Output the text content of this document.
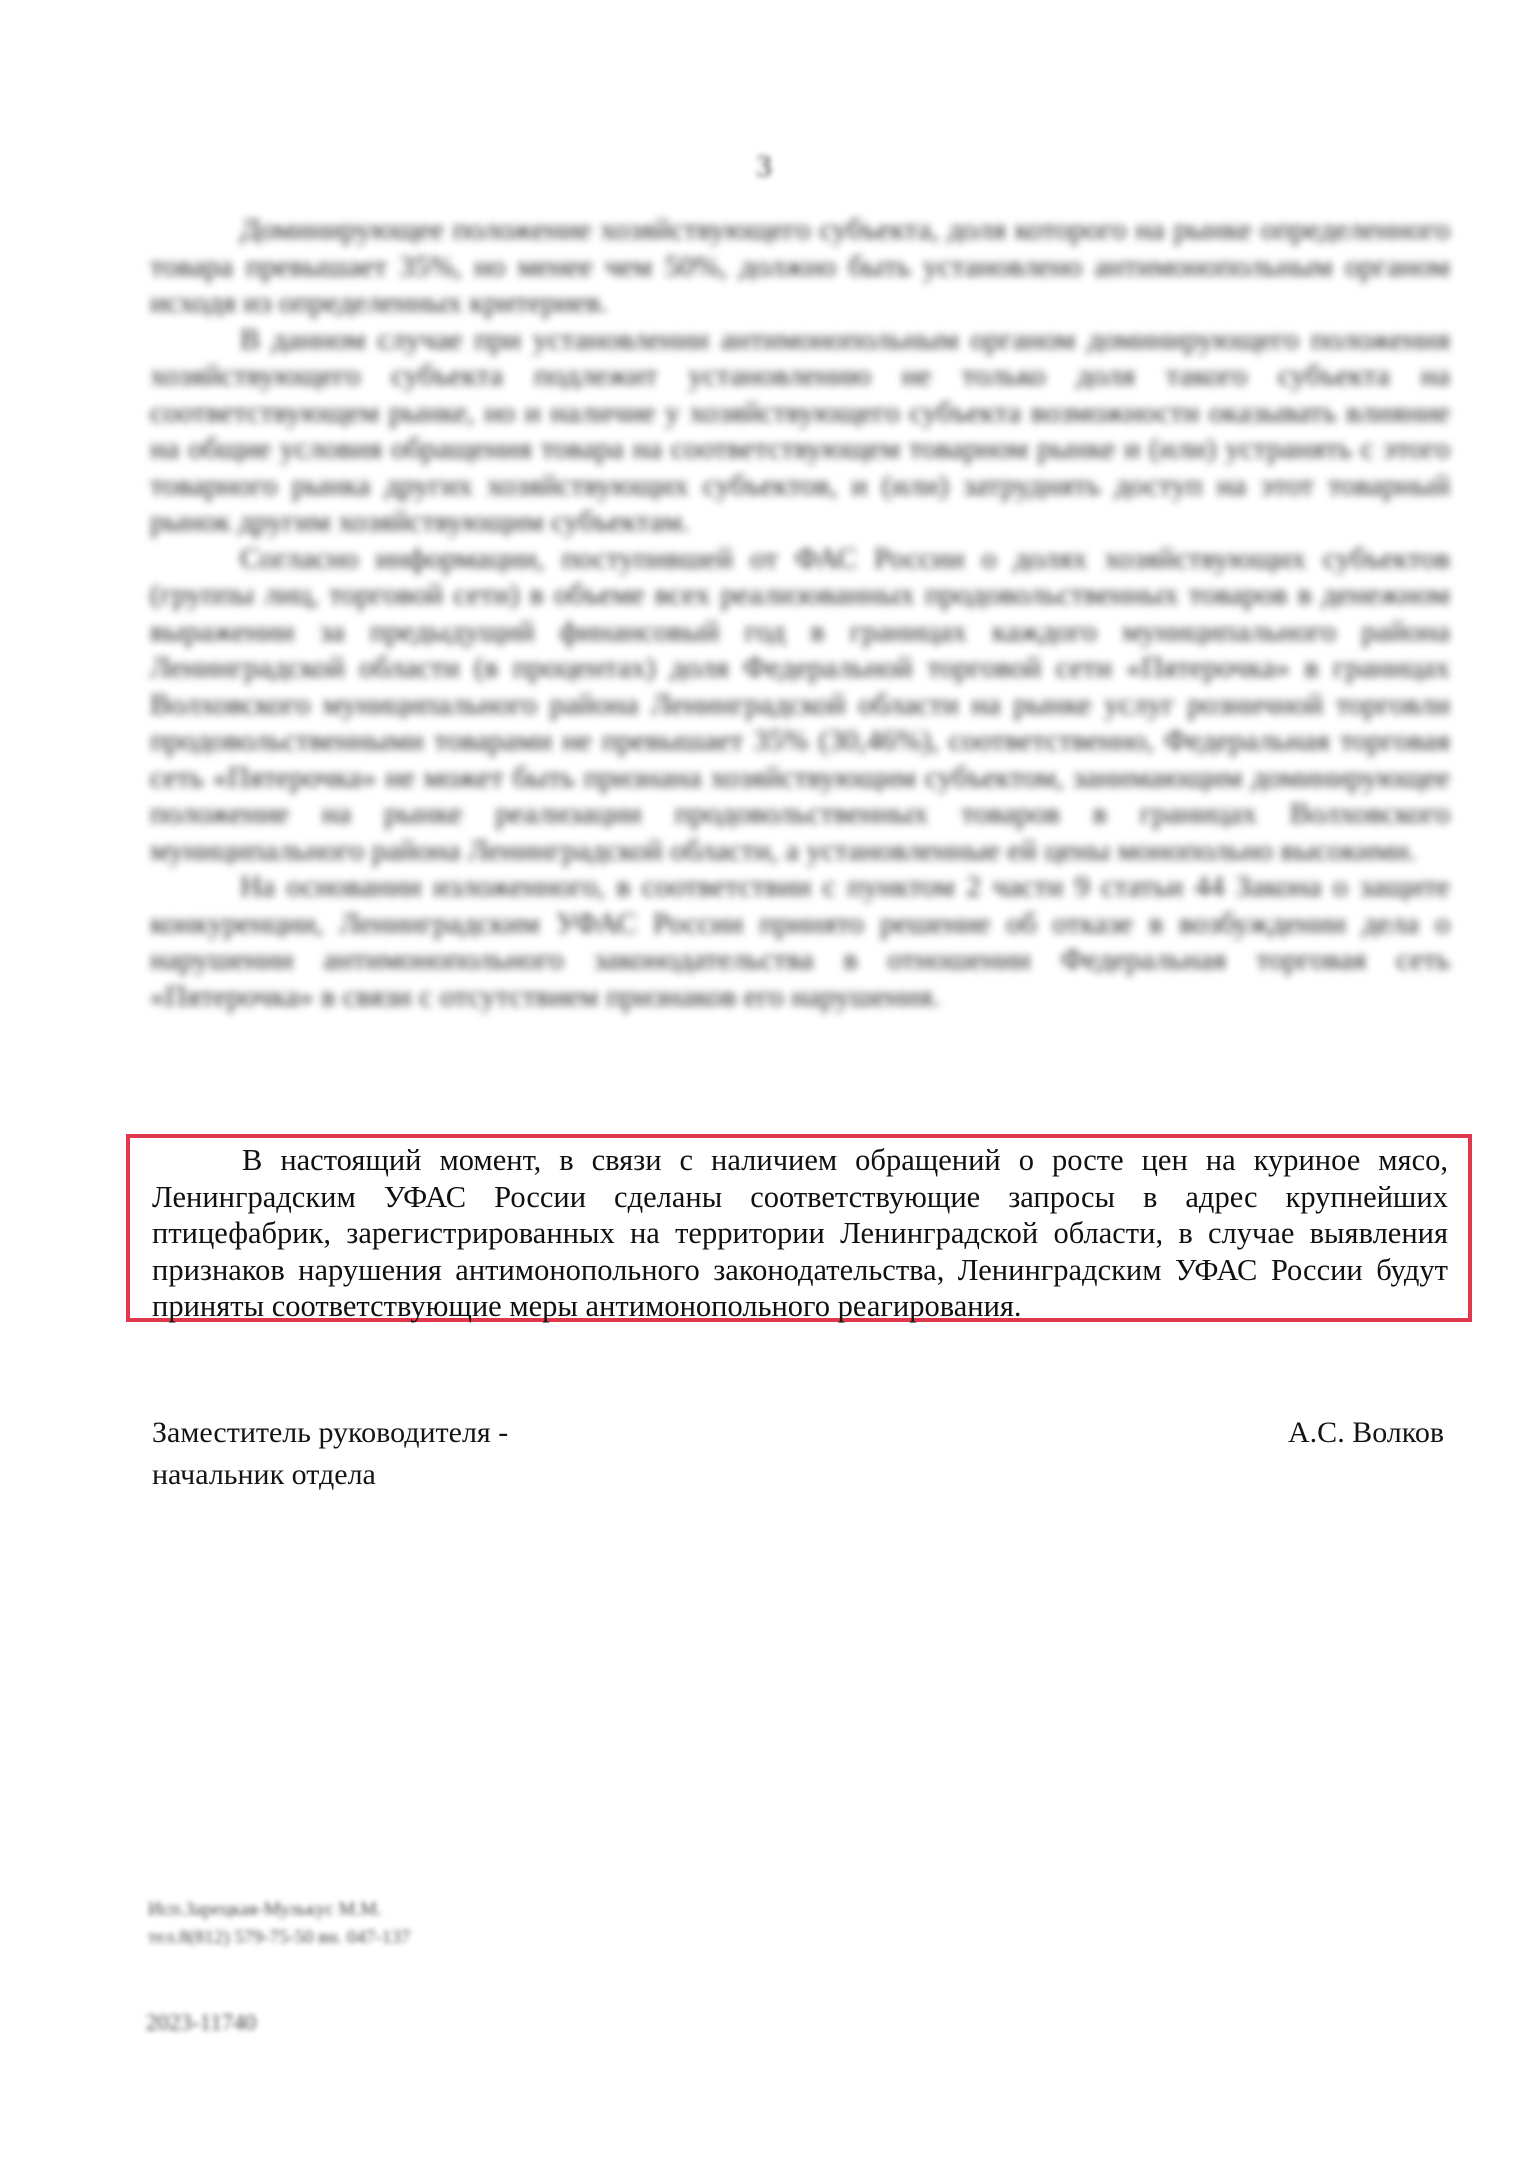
3

Доминирующее положение хозяйствующего субъекта, доля которого на рынке определенного товара превышает 35%, но менее чем 50%, должно быть установлено антимонопольным органом исходя из определенных критериев.

В данном случае при установлении антимонопольным органом доминирующего положения хозяйствующего субъекта подлежит установлению не только доля такого субъекта на соответствующем рынке, но и наличие у хозяйствующего субъекта возможности оказывать влияние на общие условия обращения товара на соответствующем товарном рынке и (или) устранять с этого товарного рынка других хозяйствующих субъектов, и (или) затруднять доступ на этот товарный рынок другим хозяйствующим субъектам.

Согласно информации, поступившей от ФАС России о долях хозяйствующих субъектов (группы лиц, торговой сети) в объеме всех реализованных продовольственных товаров в денежном выражении за предыдущий финансовый год в границах каждого муниципального района Ленинградской области (в процентах) доля Федеральной торговой сети «Пятерочка» в границах Волховского муниципального района Ленинградской области на рынке услуг розничной торговли продовольственными товарами не превышает 35% (30,46%), соответственно, Федеральная торговая сеть «Пятерочка» не может быть признана хозяйствующим субъектом, занимающим доминирующее положение на рынке реализации продовольственных товаров в границах Волховского муниципального района Ленинградской области, а установленные ей цены монопольно высокими.

На основании изложенного, в соответствии с пунктом 2 части 9 статьи 44 Закона о защите конкуренции, Ленинградским УФАС России принято решение об отказе в возбуждении дела о нарушении антимонопольного законодательства в отношении Федеральная торговая сеть «Пятерочка» в связи с отсутствием признаков его нарушения.

В настоящий момент, в связи с наличием обращений о росте цен на куриное мясо, Ленинградским УФАС России сделаны соответствующие запросы в адрес крупнейших птицефабрик, зарегистрированных на территории Ленинградской области, в случае выявления признаков нарушения антимонопольного законодательства, Ленинградским УФАС России будут приняты соответствующие меры антимонопольного реагирования.

Заместитель руководителя -
начальник отдела
А.С. Волков
Исп.Зарецкая-Мулькус М.М.
тел.8(812) 579-75-50 вн. 047-137
2023-11740
